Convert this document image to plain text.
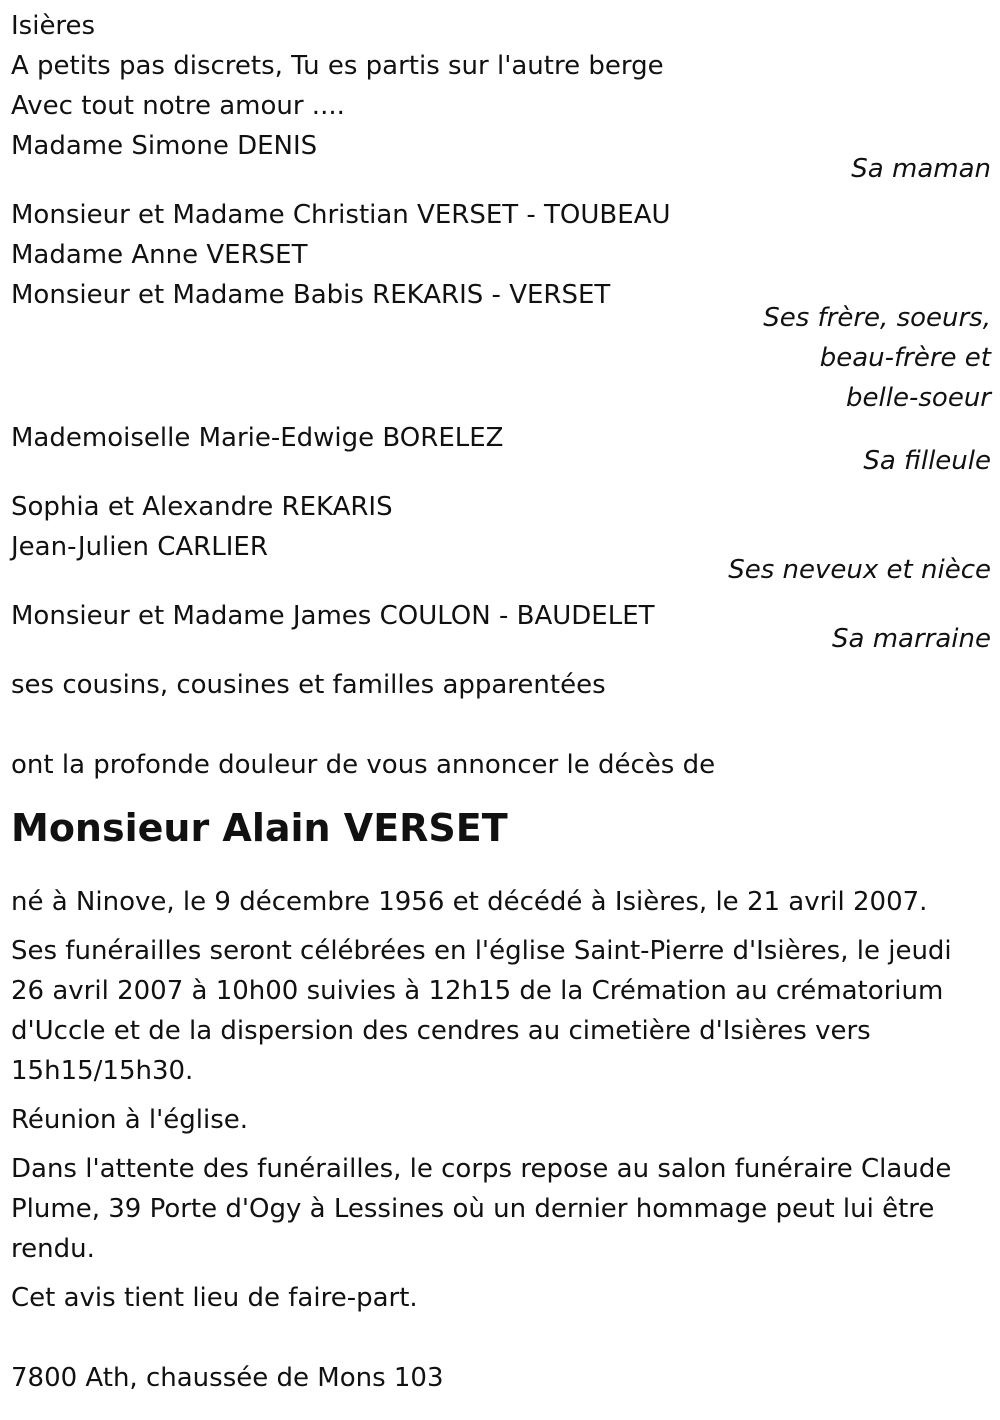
Isières
A petits pas discrets, Tu es partis sur l'autre berge
Avec tout notre amour ....
Madame Simone DENIS
Sa maman
Monsieur et Madame Christian VERSET - TOUBEAU
Madame Anne VERSET
Monsieur et Madame Babis REKARIS - VERSET
Ses frère, soeurs,
beau-frère et
belle-soeur
Mademoiselle Marie-Edwige BORELEZ
Sa filleule
Sophia et Alexandre REKARIS
Jean-Julien CARLIER
Ses neveux et nièce
Monsieur et Madame James COULON - BAUDELET
Sa marraine
ses cousins, cousines et familles apparentées
ont la profonde douleur de vous annoncer le décès de
Monsieur Alain VERSET
né à Ninove, le 9 décembre 1956 et décédé à Isières, le 21 avril 2007.
Ses funérailles seront célébrées en l'église Saint-Pierre d'Isières, le jeudi 26 avril 2007 à 10h00 suivies à 12h15 de la Crémation au crématorium d'Uccle et de la dispersion des cendres au cimetière d'Isières vers 15h15/15h30.
Réunion à l'église.
Dans l'attente des funérailles, le corps repose au salon funéraire Claude Plume, 39 Porte d'Ogy à Lessines où un dernier hommage peut lui être rendu.
Cet avis tient lieu de faire-part.
7800 Ath, chaussée de Mons 103
